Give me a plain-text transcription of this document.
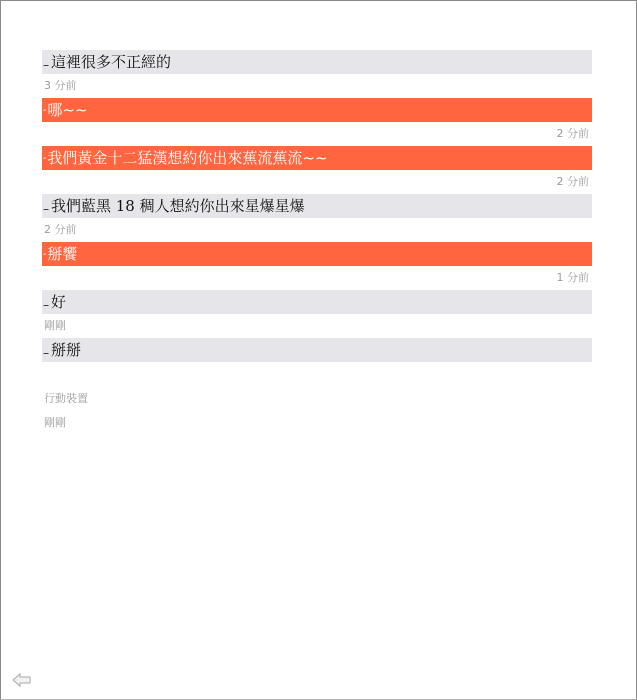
– 這裡很多不正經的
3 分前
- 哪~~
2 分前
- 我們黃金十二猛漢想約你出來蕉流蕉流~~
2 分前
– 我們藍黑 18 稠人想約你出來星爆星爆
2 分前
- 掰饗
1 分前
– 好
剛剛
– 掰掰
行動裝置
剛剛
